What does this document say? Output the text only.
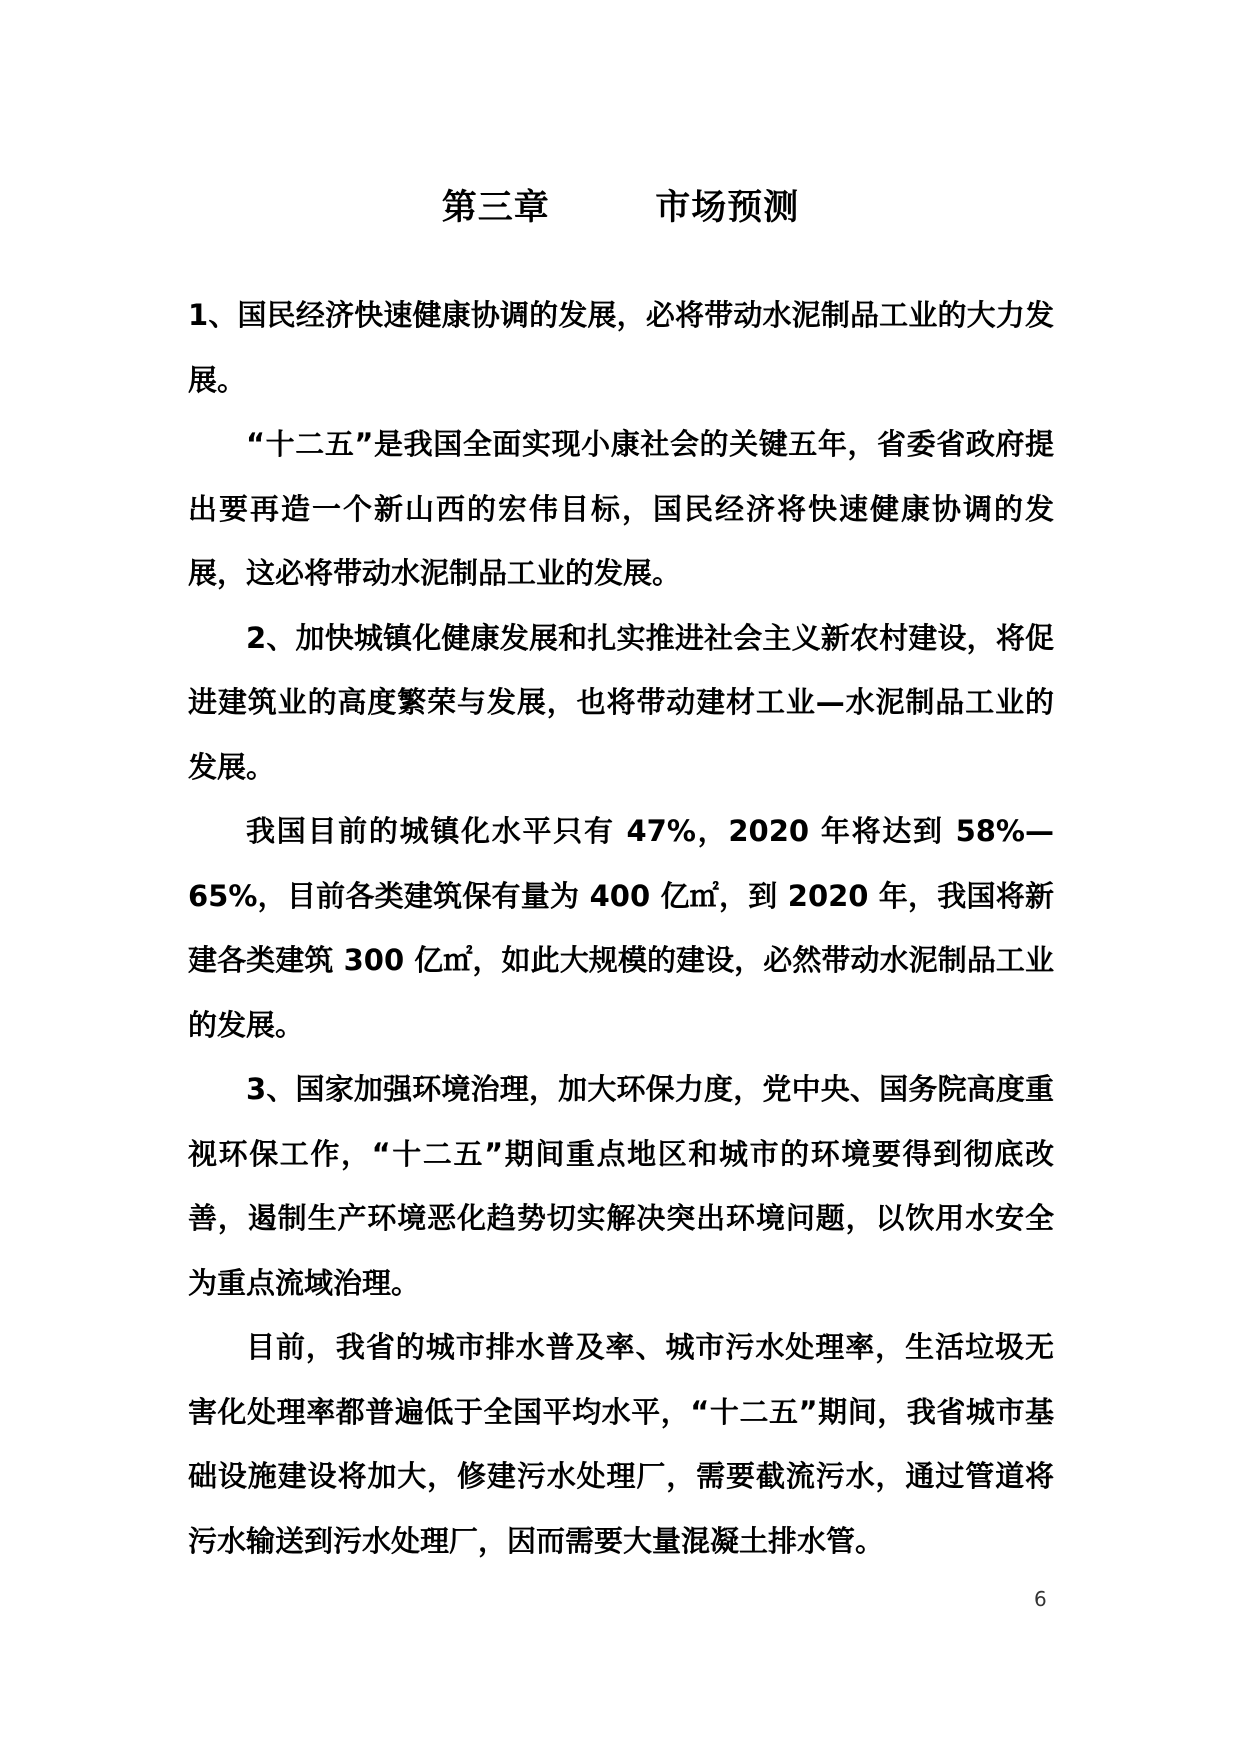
第三章        市场预测

1、国民经济快速健康协调的发展，必将带动水泥制品工业的大力发展。

“十二五”是我国全面实现小康社会的关键五年，省委省政府提出要再造一个新山西的宏伟目标，国民经济将快速健康协调的发展，这必将带动水泥制品工业的发展。

2、加快城镇化健康发展和扎实推进社会主义新农村建设，将促进建筑业的高度繁荣与发展，也将带动建材工业—水泥制品工业的发展。

我国目前的城镇化水平只有 47%，2020 年将达到 58%—65%，目前各类建筑保有量为 400 亿㎡，到 2020 年，我国将新建各类建筑 300 亿㎡，如此大规模的建设，必然带动水泥制品工业的发展。

3、国家加强环境治理，加大环保力度，党中央、国务院高度重视环保工作，“十二五”期间重点地区和城市的环境要得到彻底改善，遏制生产环境恶化趋势切实解决突出环境问题，以饮用水安全为重点流域治理。

目前，我省的城市排水普及率、城市污水处理率，生活垃圾无害化处理率都普遍低于全国平均水平，“十二五”期间，我省城市基础设施建设将加大，修建污水处理厂，需要截流污水，通过管道将污水输送到污水处理厂，因而需要大量混凝土排水管。

6
